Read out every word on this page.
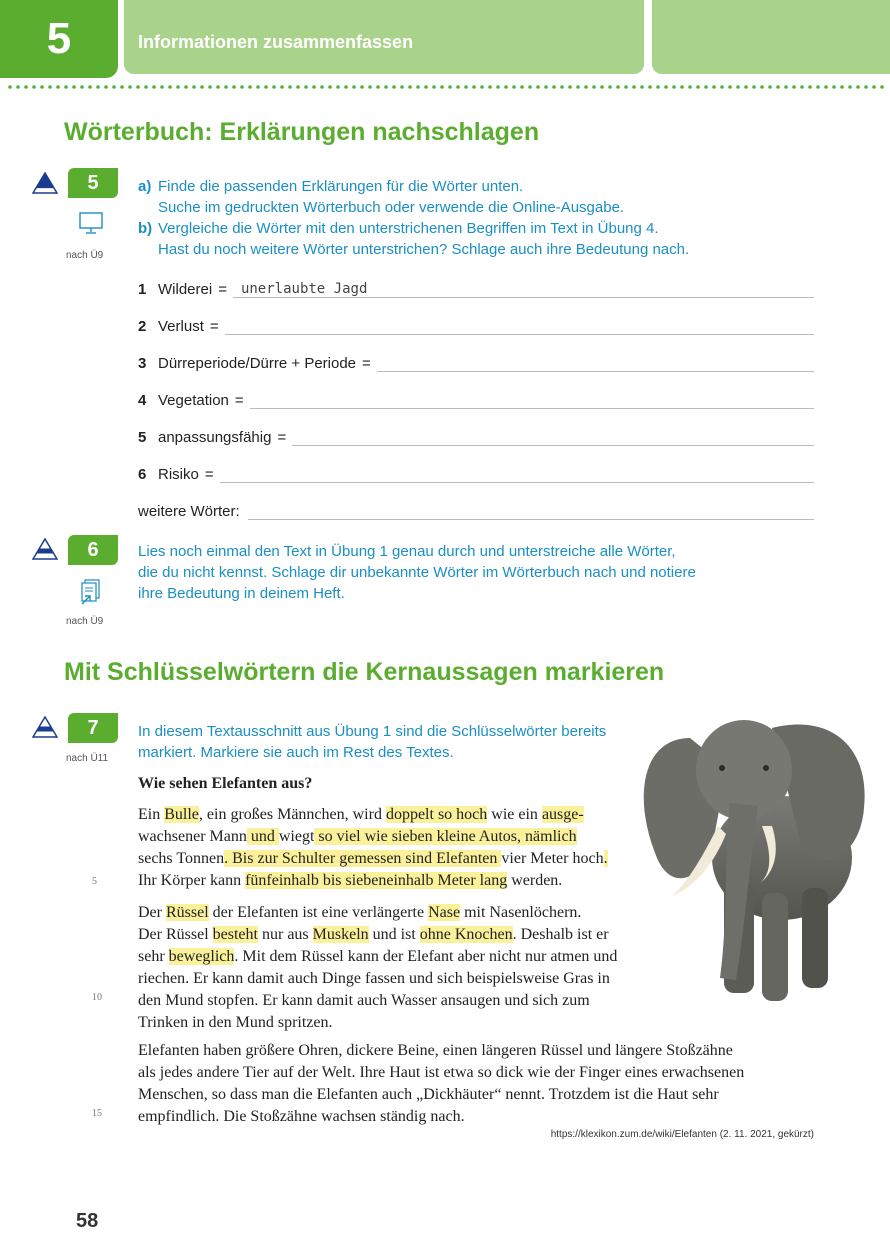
5	Informationen zusammenfassen
Wörterbuch: Erklärungen nachschlagen
5
nach Ü9
a) Finde die passenden Erklärungen für die Wörter unten.
Suche im gedruckten Wörterbuch oder verwende die Online-Ausgabe.
b) Vergleiche die Wörter mit den unterstrichenen Begriffen im Text in Übung 4.
Hast du noch weitere Wörter unterstrichen? Schlage auch ihre Bedeutung nach.
1 Wilderei = unerlaubte Jagd
2 Verlust =
3 Dürreperiode/Dürre + Periode =
4 Vegetation =
5 anpassungsfähig =
6 Risiko =
weitere Wörter:
6
nach Ü9
Lies noch einmal den Text in Übung 1 genau durch und unterstreiche alle Wörter,
die du nicht kennst. Schlage dir unbekannte Wörter im Wörterbuch nach und notiere
ihre Bedeutung in deinem Heft.
Mit Schlüsselwörtern die Kernaussagen markieren
7
nach Ü11
In diesem Textausschnitt aus Übung 1 sind die Schlüsselwörter bereits
markiert. Markiere sie auch im Rest des Textes.
Wie sehen Elefanten aus?
Ein Bulle, ein großes Männchen, wird doppelt so hoch wie ein ausge-
wachsener Mann und wiegt so viel wie sieben kleine Autos, nämlich
sechs Tonnen. Bis zur Schulter gemessen sind Elefanten vier Meter hoch.
Ihr Körper kann fünfeinhalb bis siebeneinhalb Meter lang werden.
Der Rüssel der Elefanten ist eine verlängerte Nase mit Nasenlöchern.
Der Rüssel besteht nur aus Muskeln und ist ohne Knochen. Deshalb ist er
sehr beweglich. Mit dem Rüssel kann der Elefant aber nicht nur atmen und
riechen. Er kann damit auch Dinge fassen und sich beispielsweise Gras in
den Mund stopfen. Er kann damit auch Wasser ansaugen und sich zum
Trinken in den Mund spritzen.
Elefanten haben größere Ohren, dickere Beine, einen längeren Rüssel und längere Stoßzähne
als jedes andere Tier auf der Welt. Ihre Haut ist etwa so dick wie der Finger eines erwachsenen
Menschen, so dass man die Elefanten auch „Dickhäuter“ nennt. Trotzdem ist die Haut sehr
empfindlich. Die Stoßzähne wachsen ständig nach.
5
10
15
https://klexikon.zum.de/wiki/Elefanten (2. 11. 2021, gekürzt)
58
